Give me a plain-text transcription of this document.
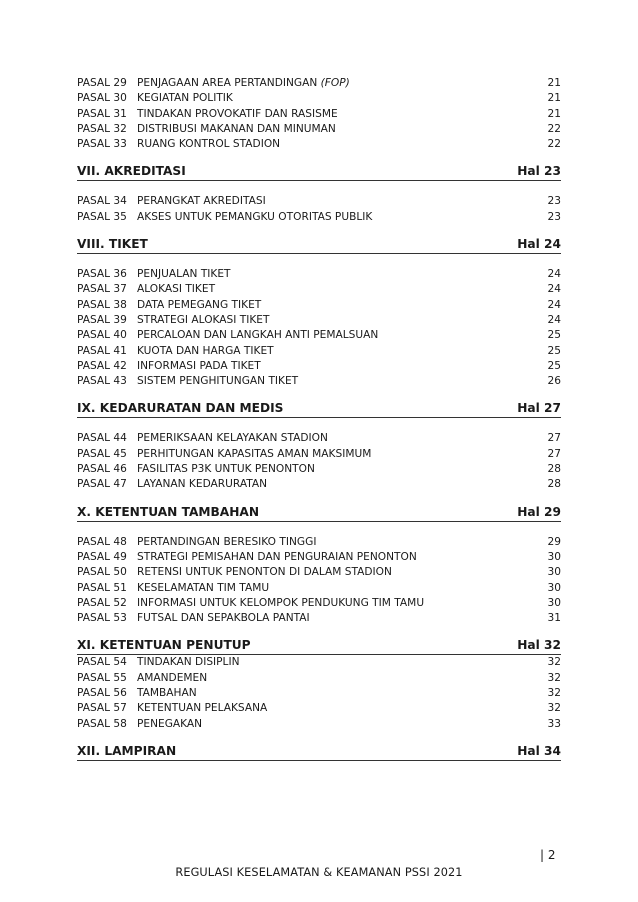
PASAL 29 PENJAGAAN AREA PERTANDINGAN (FOP)	21
PASAL 30 KEGIATAN POLITIK	21
PASAL 31 TINDAKAN PROVOKATIF DAN RASISME	21
PASAL 32 DISTRIBUSI MAKANAN DAN MINUMAN	22
PASAL 33 RUANG KONTROL STADION	22
VII. AKREDITASI	Hal 23
PASAL 34 PERANGKAT AKREDITASI	23
PASAL 35 AKSES UNTUK PEMANGKU OTORITAS PUBLIK	23
VIII. TIKET	Hal 24
PASAL 36 PENJUALAN TIKET	24
PASAL 37 ALOKASI TIKET	24
PASAL 38 DATA PEMEGANG TIKET	24
PASAL 39 STRATEGI ALOKASI TIKET	24
PASAL 40 PERCALOAN DAN LANGKAH ANTI PEMALSUAN	25
PASAL 41 KUOTA DAN HARGA TIKET	25
PASAL 42 INFORMASI PADA TIKET	25
PASAL 43 SISTEM PENGHITUNGAN TIKET	26
IX. KEDARURATAN DAN MEDIS	Hal 27
PASAL 44 PEMERIKSAAN KELAYAKAN STADION	27
PASAL 45 PERHITUNGAN KAPASITAS AMAN MAKSIMUM	27
PASAL 46 FASILITAS P3K UNTUK PENONTON	28
PASAL 47 LAYANAN KEDARURATAN	28
X. KETENTUAN TAMBAHAN	Hal 29
PASAL 48 PERTANDINGAN BERESIKO TINGGI	29
PASAL 49 STRATEGI PEMISAHAN DAN PENGURAIAN PENONTON	30
PASAL 50 RETENSI UNTUK PENONTON DI DALAM STADION	30
PASAL 51 KESELAMATAN TIM TAMU	30
PASAL 52 INFORMASI UNTUK KELOMPOK PENDUKUNG TIM TAMU	30
PASAL 53 FUTSAL DAN SEPAKBOLA PANTAI	31
XI. KETENTUAN PENUTUP	Hal 32
PASAL 54 TINDAKAN DISIPLIN	32
PASAL 55 AMANDEMEN	32
PASAL 56 TAMBAHAN	32
PASAL 57 KETENTUAN PELAKSANA	32
PASAL 58 PENEGAKAN	33
XII. LAMPIRAN	Hal 34
| 2
REGULASI KESELAMATAN & KEAMANAN PSSI 2021
